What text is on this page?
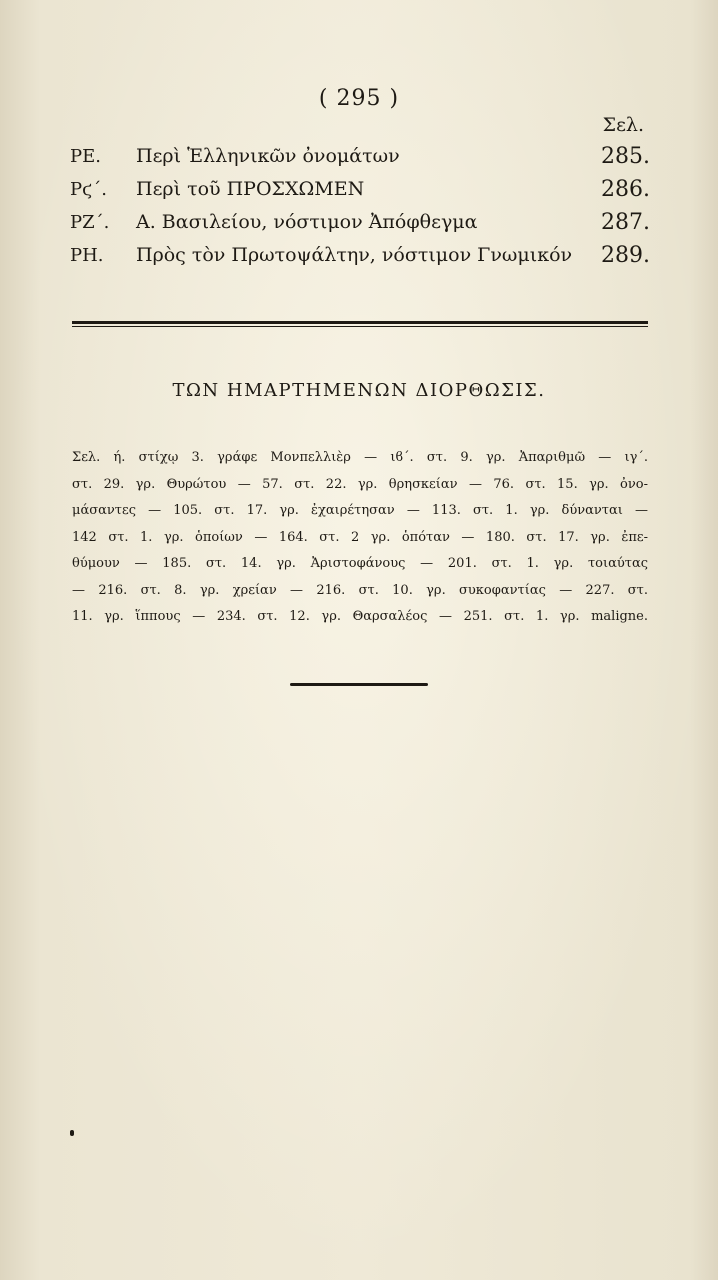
( 295 )
Σελ.
ΡΕ. Περὶ Ἑλληνικῶν ὀνομάτων	285.
Ρϛ΄. Περὶ τοῦ ΠΡΟΣΧΩΜΕΝ	286.
ΡΖ΄. Α. Βασιλείου, νόστιμον Ἀπόφθεγμα	287.
ΡΗ. Πρὸς τὸν Πρωτοψάλτην, νόστιμον Γνωμικόν 289.
ΤΩΝ ΗΜΑΡΤΗΜΕΝΩΝ ΔΙΟΡΘΩΣΙΣ.
Σελ. ή. στίχῳ 3. γράφε Μονπελλιὲρ — ιϐ΄. στ. 9. γρ. Ἀπαριθμῶ — ιγ΄.
στ. 29. γρ. Θυρώτου — 57. στ. 22. γρ. θρησκείαν — 76. στ. 15. γρ. ὀνο-
μάσαντες — 105. στ. 17. γρ. ἐχαιρέτησαν — 113. στ. 1. γρ. δύνανται —
142 στ. 1. γρ. ὁποίων — 164. στ. 2 γρ. ὁπόταν — 180. στ. 17. γρ. ἐπε-
θύμουν — 185. στ. 14. γρ. Ἀριστοφάνους — 201. στ. 1. γρ. τοιαύτας
— 216. στ. 8. γρ. χρείαν — 216. στ. 10. γρ. συκοφαντίας — 227. στ.
11. γρ. ἵππους — 234. στ. 12. γρ. Θαρσαλέος — 251. στ. 1. γρ. maligne.
